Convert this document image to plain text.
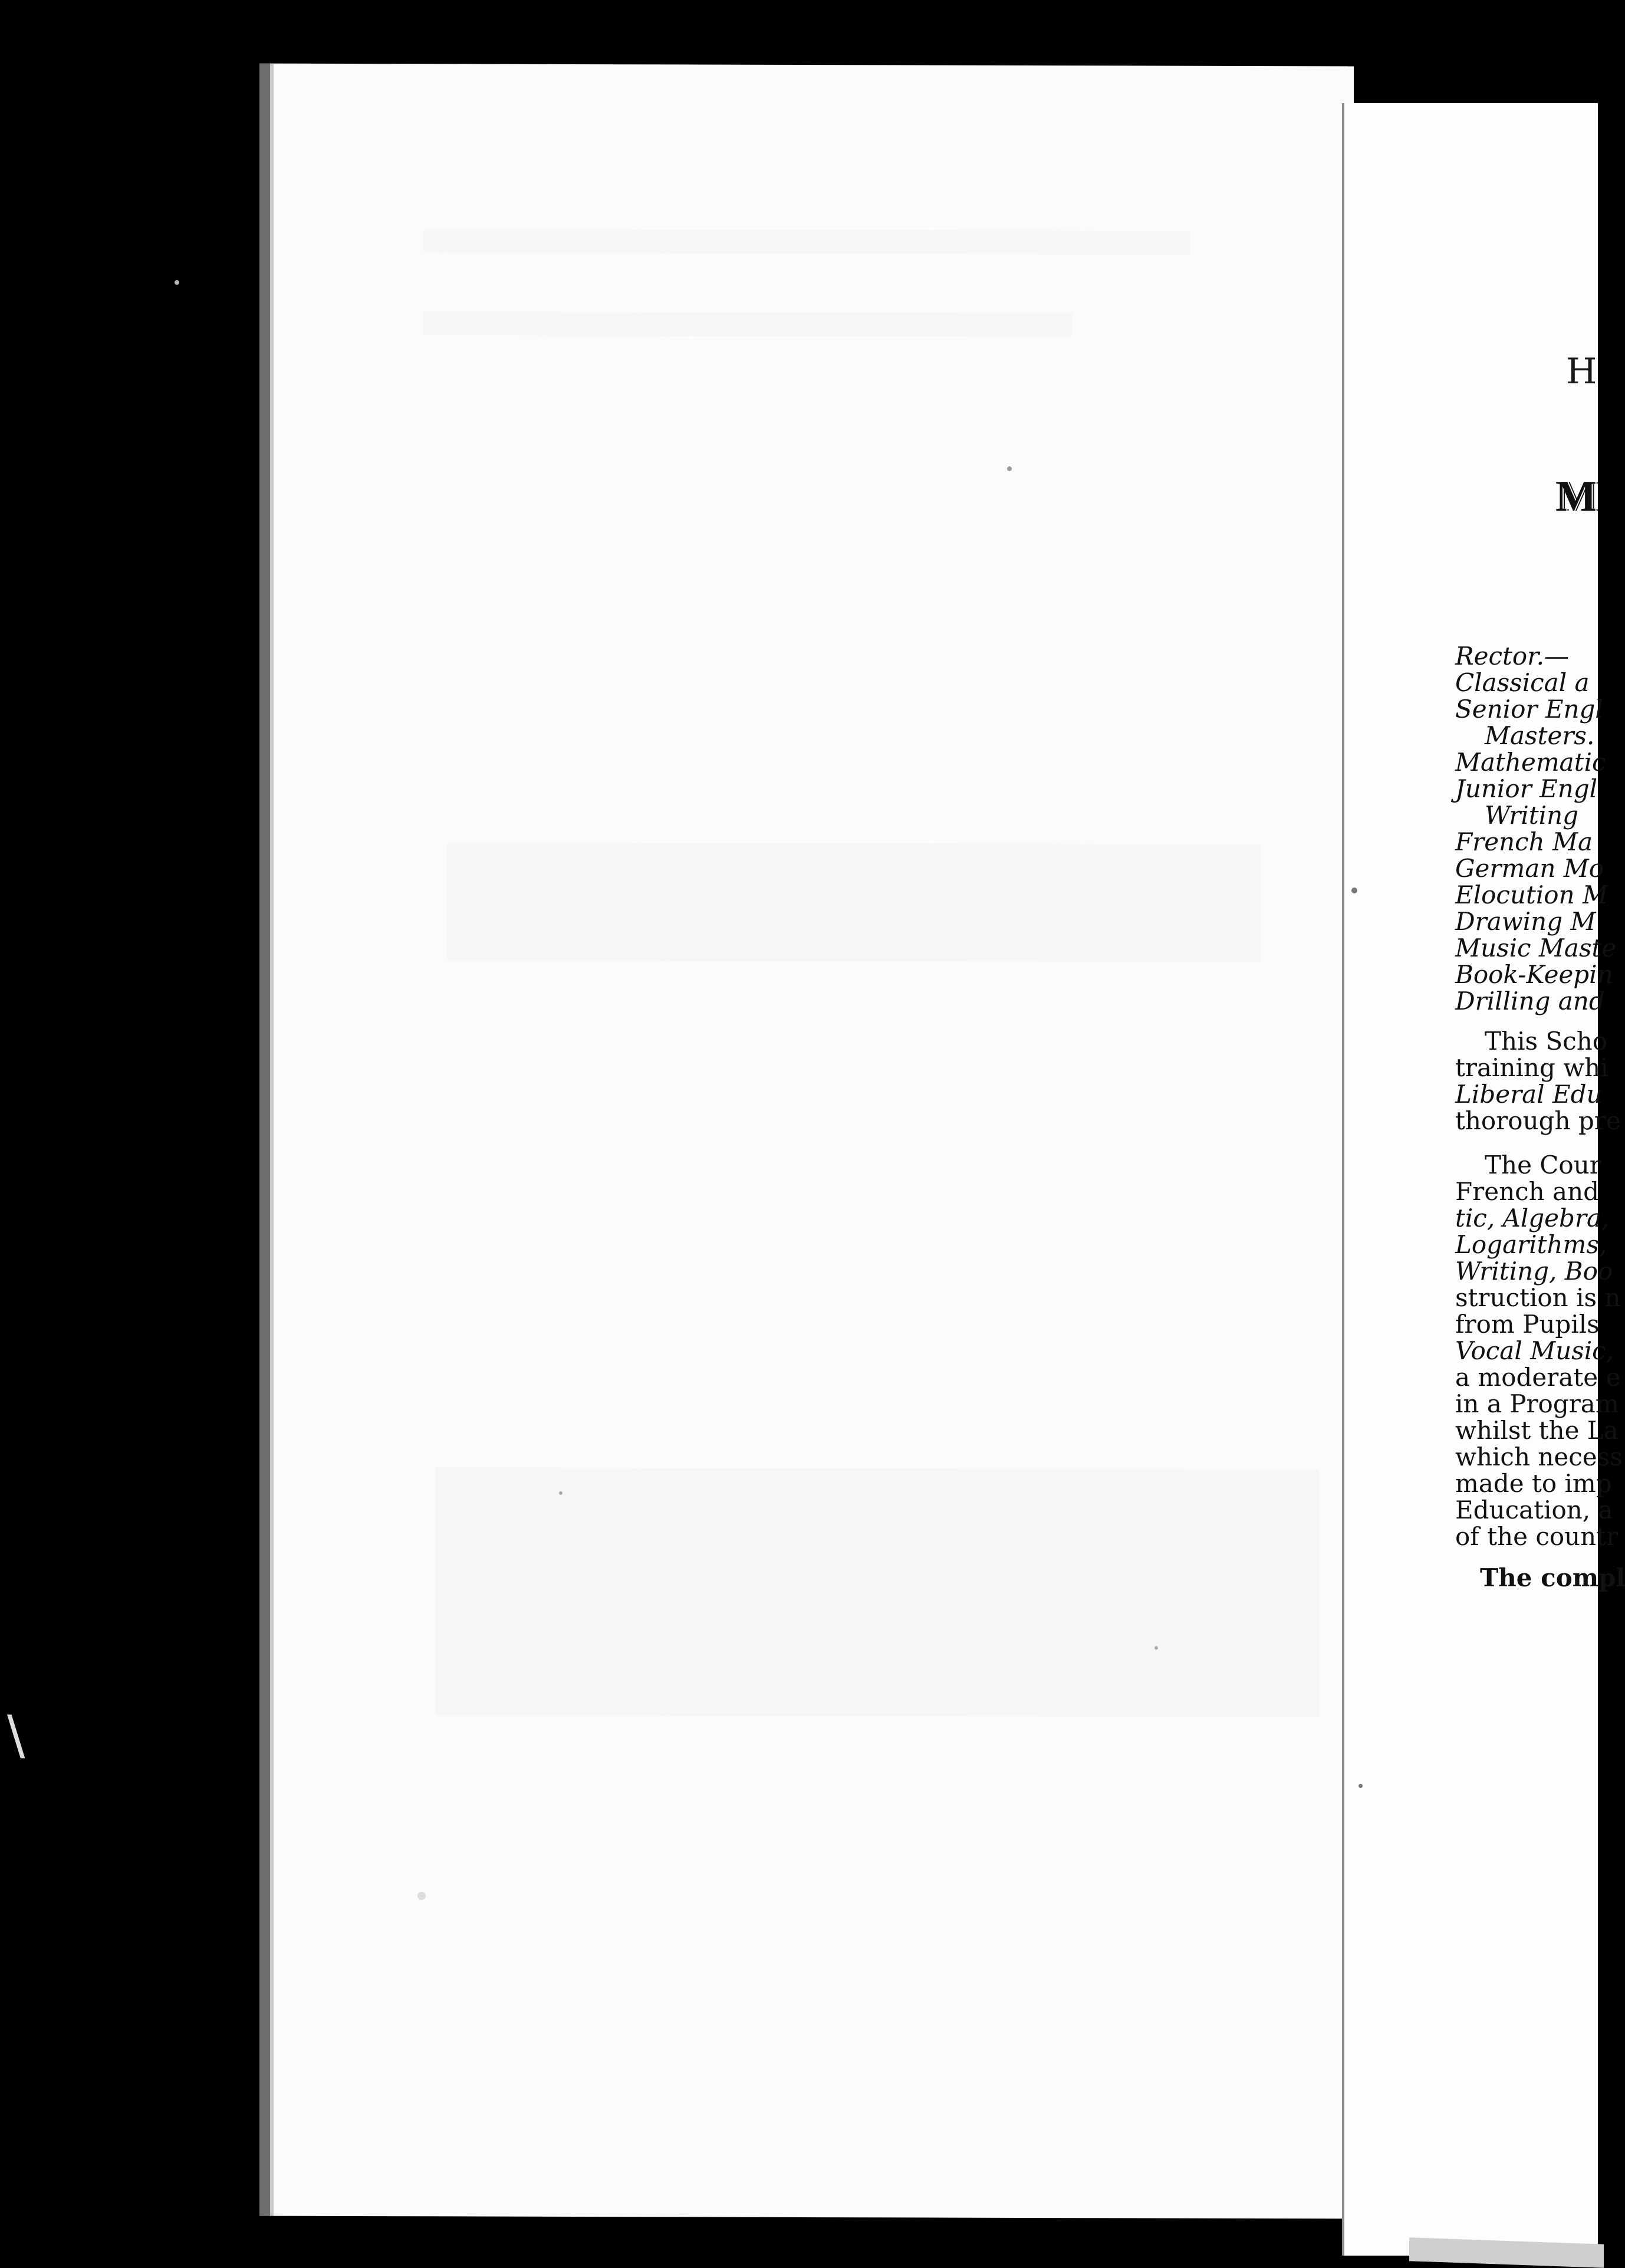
H
M
Rector.—
Classical a
Senior Engl
Masters.
Mathematic
Junior Engl
Writing
French Ma
German Mo
Elocution M
Drawing M
Music Maste
Book-Keepin
Drilling and
This Scho
training whi
Liberal Edu
thorough pre
The Cour
French and
tic, Algebra,
Logarithms,
Writing, Boo
struction is n
from Pupils
Vocal Music,
a moderate e
in a Program
whilst the La
which necess
made to imp
Education, a
of the countr
The compl
\
